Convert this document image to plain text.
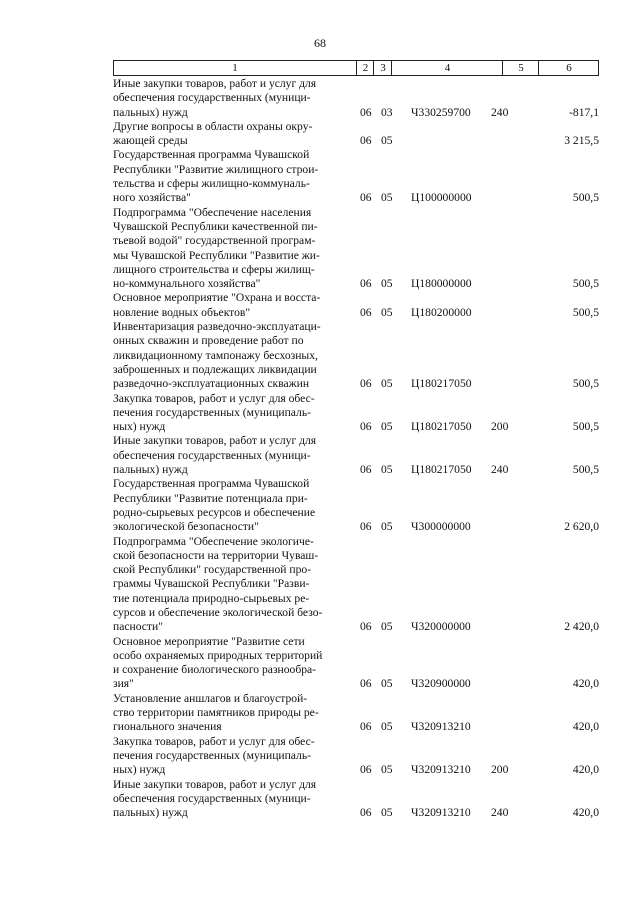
68
1	2	3	4	5	6
Иные закупки товаров, работ и услуг для
обеспечения государственных (муници-
пальных) нужд	06 03 Ч330259700 240	-817,1
Другие вопросы в области охраны окру-
жающей среды	06 05	3 215,5
Государственная программа Чувашской
Республики "Развитие жилищного строи-
тельства и сферы жилищно-коммуналь-
ного хозяйства"	06 05 Ц100000000	500,5
Подпрограмма "Обеспечение населения
Чувашской Республики качественной пи-
тьевой водой" государственной програм-
мы Чувашской Республики "Развитие жи-
лищного строительства и сферы жилищ-
но-коммунального хозяйства"	06 05 Ц180000000	500,5
Основное мероприятие "Охрана и восста-
новление водных объектов"	06 05 Ц180200000	500,5
Инвентаризация разведочно-эксплуатаци-
онных скважин и проведение работ по
ликвидационному тампонажу бесхозных,
заброшенных и подлежащих ликвидации
разведочно-эксплуатационных скважин	06 05 Ц180217050	500,5
Закупка товаров, работ и услуг для обес-
печения государственных (муниципаль-
ных) нужд	06 05 Ц180217050 200	500,5
Иные закупки товаров, работ и услуг для
обеспечения государственных (муници-
пальных) нужд	06 05 Ц180217050 240	500,5
Государственная программа Чувашской
Республики "Развитие потенциала при-
родно-сырьевых ресурсов и обеспечение
экологической безопасности"	06 05 Ч300000000	2 620,0
Подпрограмма "Обеспечение экологиче-
ской безопасности на территории Чуваш-
ской Республики" государственной про-
граммы Чувашской Республики "Разви-
тие потенциала природно-сырьевых ре-
сурсов и обеспечение экологической безо-
пасности"	06 05 Ч320000000	2 420,0
Основное мероприятие "Развитие сети
особо охраняемых природных территорий
и сохранение биологического разнообра-
зия"	06 05 Ч320900000	420,0
Установление аншлагов и благоустрой-
ство территории памятников природы ре-
гионального значения	06 05 Ч320913210	420,0
Закупка товаров, работ и услуг для обес-
печения государственных (муниципаль-
ных) нужд	06 05 Ч320913210 200	420,0
Иные закупки товаров, работ и услуг для
обеспечения государственных (муници-
пальных) нужд	06 05 Ч320913210 240	420,0
